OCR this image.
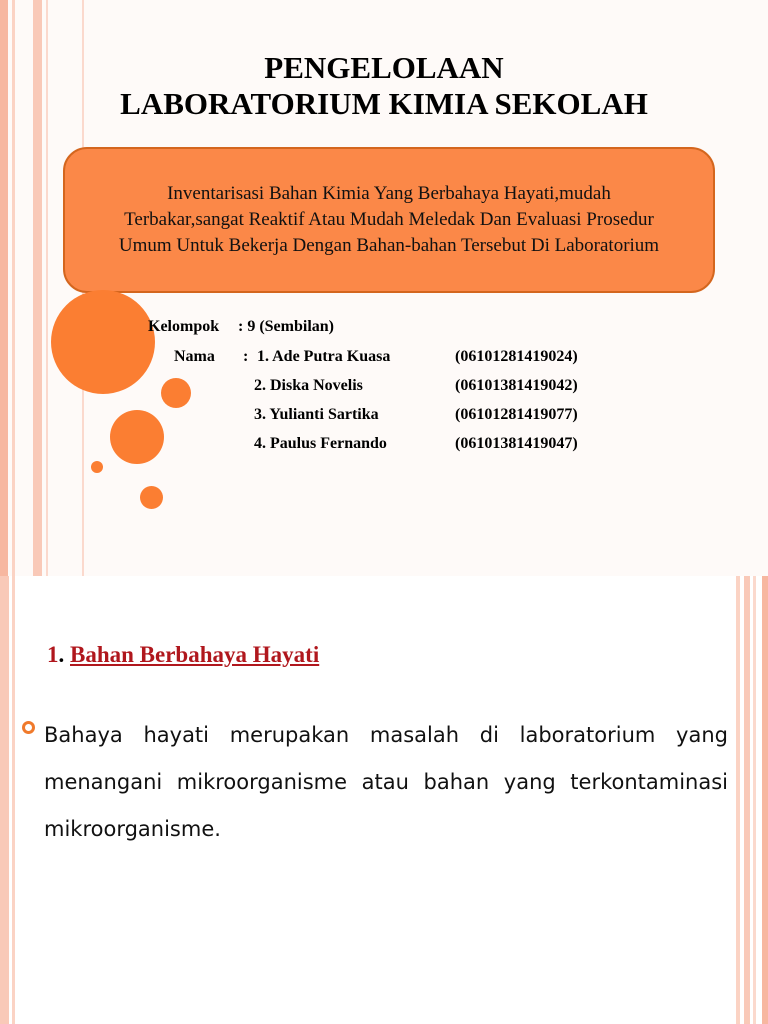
PENGELOLAAN
LABORATORIUM KIMIA SEKOLAH
Inventarisasi Bahan Kimia Yang Berbahaya Hayati,mudah
Terbakar,sangat Reaktif Atau Mudah Meledak Dan Evaluasi Prosedur
Umum Untuk Bekerja Dengan Bahan-bahan Tersebut Di Laboratorium
Kelompok : 9 (Sembilan)
Nama : 1. Ade Putra Kuasa	(06101281419024)
2. Diska Novelis	(06101381419042)
3. Yulianti Sartika	(06101281419077)
4. Paulus Fernando	(06101381419047)
1. Bahan Berbahaya Hayati
Bahaya hayati merupakan masalah di laboratorium yang menangani mikroorganisme atau bahan yang terkontaminasi mikroorganisme.
